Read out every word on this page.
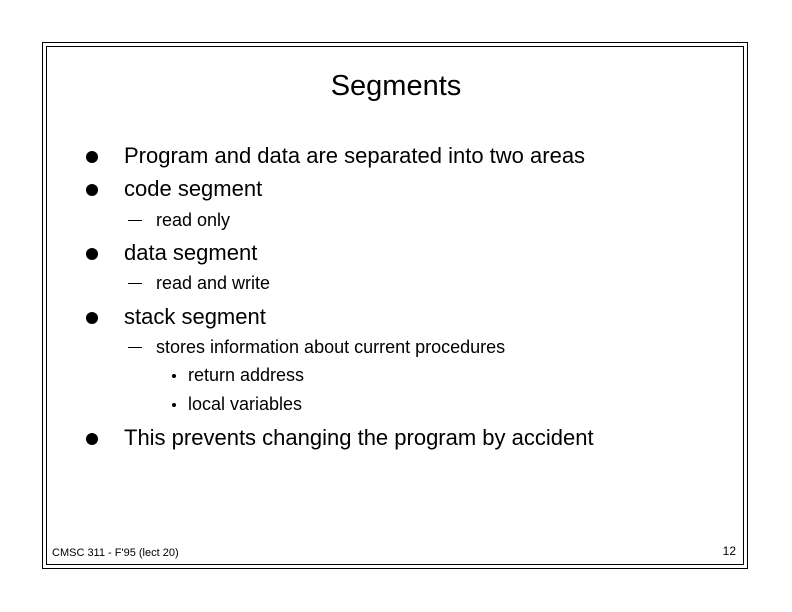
Segments
Program and data are separated into two areas
code segment
read only
data segment
read and write
stack segment
stores information about current procedures
return address
local variables
This prevents changing the program by accident
CMSC 311 - F'95 (lect 20)	12
